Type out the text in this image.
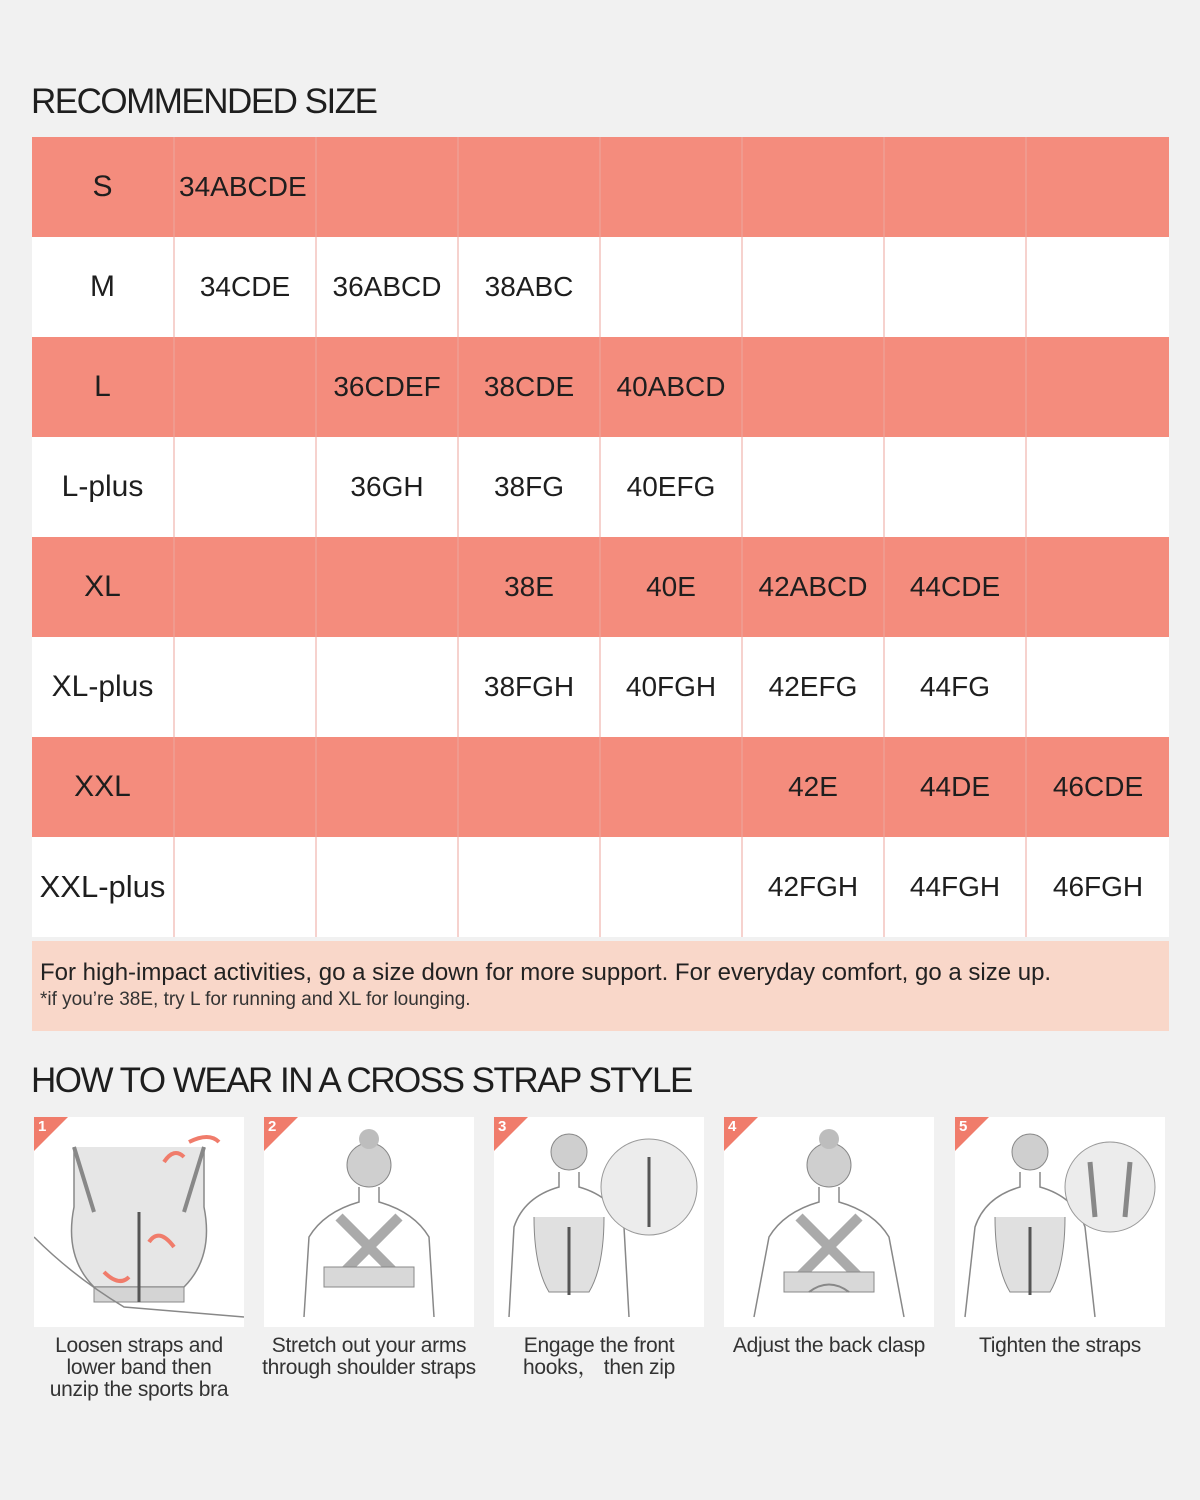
RECOMMENDED SIZE
S	34ABCDE						
M	34CDE	36ABCD	38ABC				
L		36CDEF	38CDE	40ABCD			
L-plus		36GH	38FG	40EFG			
XL			38E	40E	42ABCD	44CDE	
XL-plus			38FGH	40FGH	42EFG	44FG	
XXL					42E	44DE	46CDE
XXL-plus					42FGH	44FGH	46FGH
For high-impact activities, go a size down for more support. For everyday comfort, go a size up.
*if you’re 38E, try L for running and XL for lounging.
HOW TO WEAR IN A CROSS STRAP STYLE
1
Loosen straps and
lower band then
unzip the sports bra
2
Stretch out your arms
through shoulder straps
3
Engage the front
hooks， then zip
4
Adjust the back clasp
5
Tighten the straps
